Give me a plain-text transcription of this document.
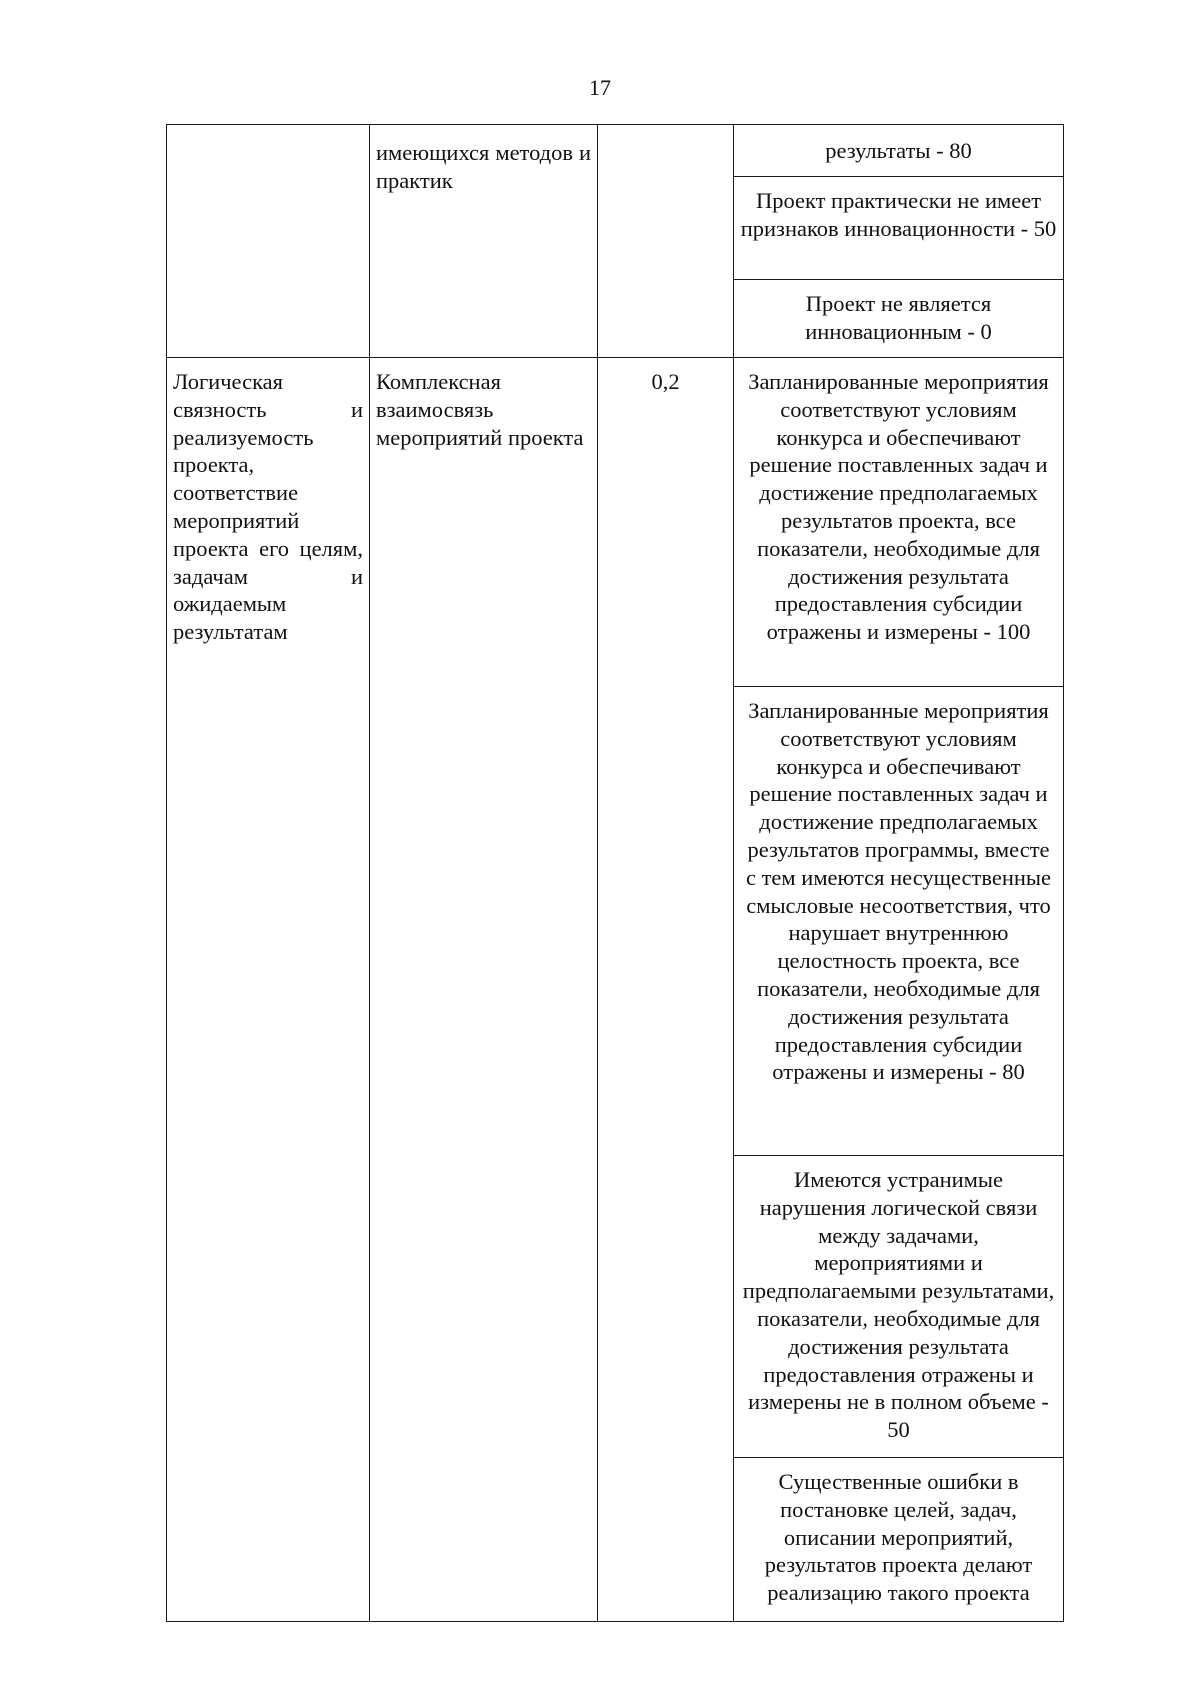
17
	имеющихся методов и практик		результаты - 80
			Проект практически не имеет признаков инновационности - 50
			Проект не является инновационным - 0
Логическая связность и реализуемость проекта, соответствие мероприятий проекта его целям, задачам и ожидаемым результатам	Комплексная взаимосвязь мероприятий проекта	0,2	Запланированные мероприятия соответствуют условиям конкурса и обеспечивают решение поставленных задач и достижение предполагаемых результатов проекта, все показатели, необходимые для достижения результата предоставления субсидии отражены и измерены - 100
			Запланированные мероприятия соответствуют условиям конкурса и обеспечивают решение поставленных задач и достижение предполагаемых результатов программы, вместе с тем имеются несущественные смысловые несоответствия, что нарушает внутреннюю целостность проекта, все показатели, необходимые для достижения результата предоставления субсидии отражены и измерены - 80
			Имеются устранимые нарушения логической связи между задачами, мероприятиями и предполагаемыми результатами, показатели, необходимые для достижения результата предоставления отражены и измерены не в полном объеме - 50
			Существенные ошибки в постановке целей, задач, описании мероприятий, результатов проекта делают реализацию такого проекта
